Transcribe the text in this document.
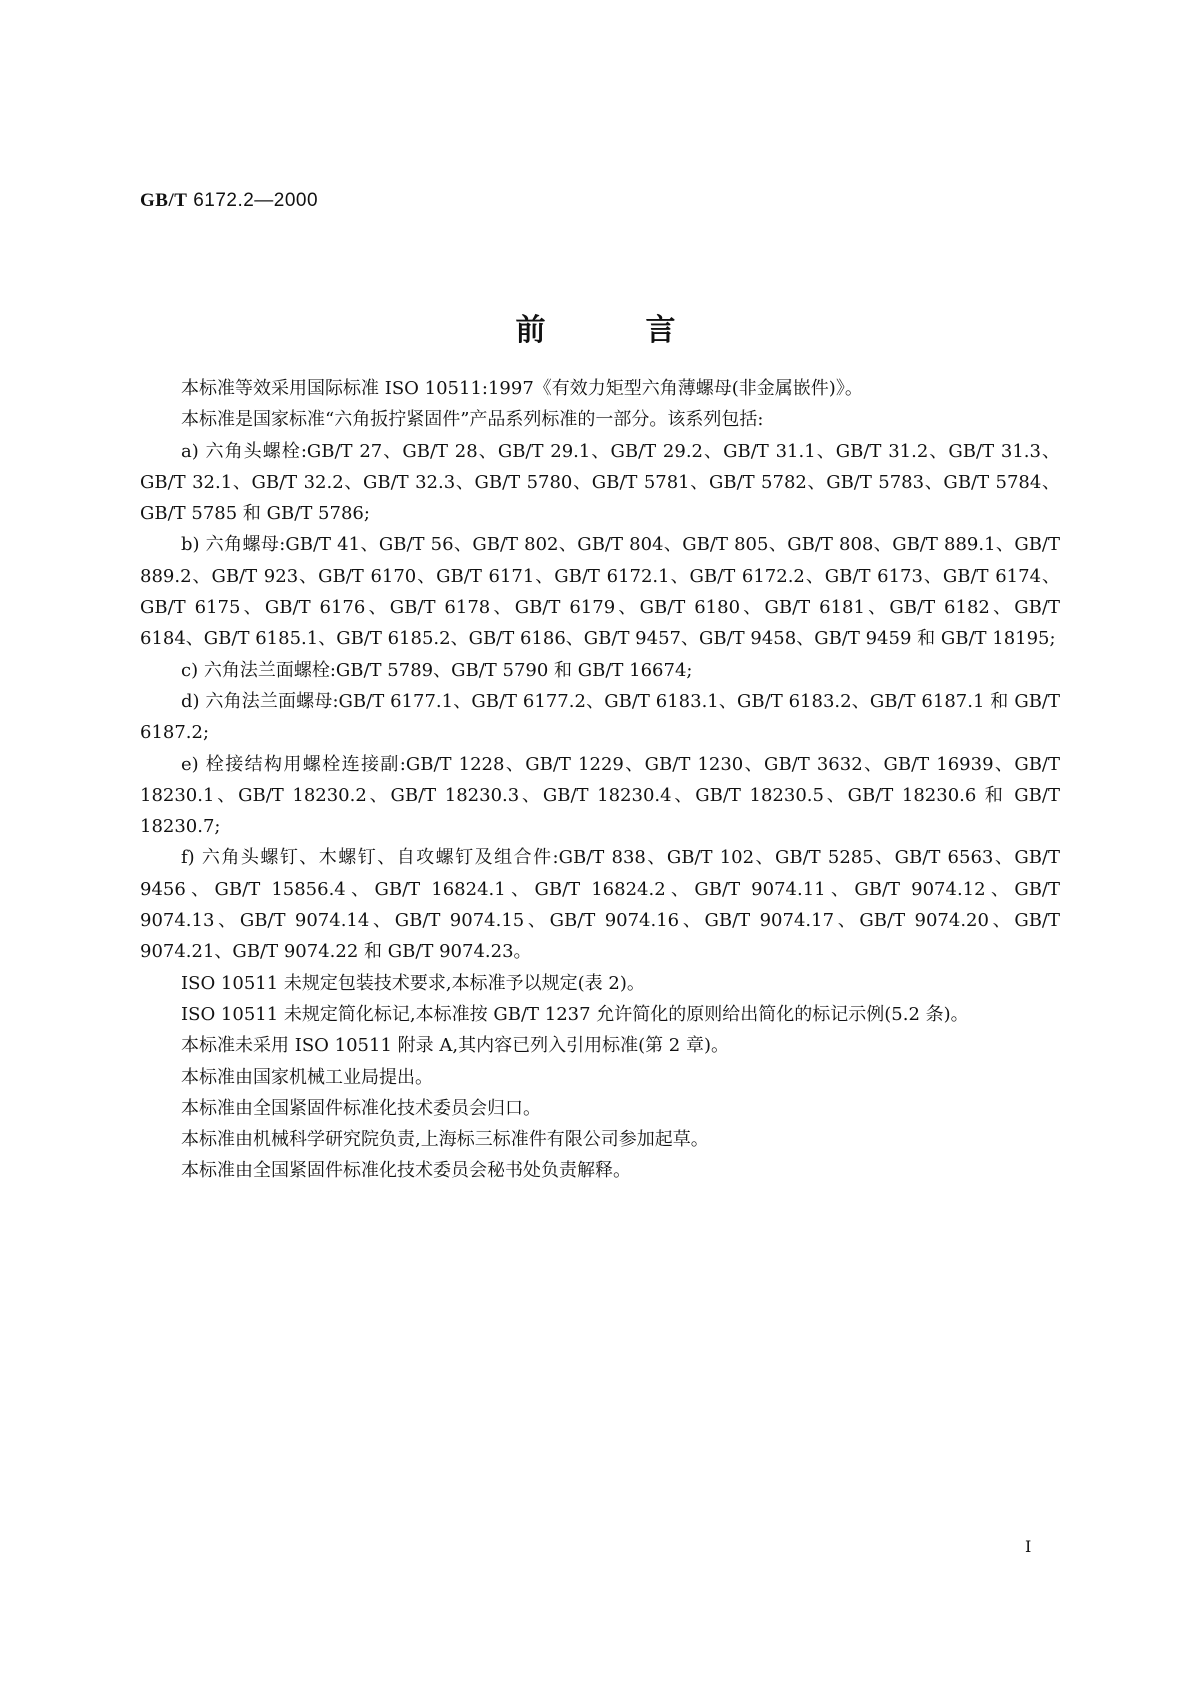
GB/T 6172.2—2000
前言

本标准等效采用国际标准 ISO 10511:1997《有效力矩型六角薄螺母(非金属嵌件)》。

本标准是国家标准“六角扳拧紧固件”产品系列标准的一部分。该系列包括:

a) 六角头螺栓:GB/T 27、GB/T 28、GB/T 29.1、GB/T 29.2、GB/T 31.1、GB/T 31.2、GB/T 31.3、GB/T 32.1、GB/T 32.2、GB/T 32.3、GB/T 5780、GB/T 5781、GB/T 5782、GB/T 5783、GB/T 5784、GB/T 5785 和 GB/T 5786;

b) 六角螺母:GB/T 41、GB/T 56、GB/T 802、GB/T 804、GB/T 805、GB/T 808、GB/T 889.1、GB/T 889.2、GB/T 923、GB/T 6170、GB/T 6171、GB/T 6172.1、GB/T 6172.2、GB/T 6173、GB/T 6174、GB/T 6175、GB/T 6176、GB/T 6178、GB/T 6179、GB/T 6180、GB/T 6181、GB/T 6182、GB/T 6184、GB/T 6185.1、GB/T 6185.2、GB/T 6186、GB/T 9457、GB/T 9458、GB/T 9459 和 GB/T 18195;

c) 六角法兰面螺栓:GB/T 5789、GB/T 5790 和 GB/T 16674;

d) 六角法兰面螺母:GB/T 6177.1、GB/T 6177.2、GB/T 6183.1、GB/T 6183.2、GB/T 6187.1 和 GB/T 6187.2;

e) 栓接结构用螺栓连接副:GB/T 1228、GB/T 1229、GB/T 1230、GB/T 3632、GB/T 16939、GB/T 18230.1、GB/T 18230.2、GB/T 18230.3、GB/T 18230.4、GB/T 18230.5、GB/T 18230.6 和 GB/T 18230.7;

f) 六角头螺钉、木螺钉、自攻螺钉及组合件:GB/T 838、GB/T 102、GB/T 5285、GB/T 6563、GB/T 9456、GB/T 15856.4、GB/T 16824.1、GB/T 16824.2、GB/T 9074.11、GB/T 9074.12、GB/T 9074.13、GB/T 9074.14、GB/T 9074.15、GB/T 9074.16、GB/T 9074.17、GB/T 9074.20、GB/T 9074.21、GB/T 9074.22 和 GB/T 9074.23。

ISO 10511 未规定包装技术要求,本标准予以规定(表 2)。

ISO 10511 未规定简化标记,本标准按 GB/T 1237 允许简化的原则给出简化的标记示例(5.2 条)。

本标准未采用 ISO 10511 附录 A,其内容已列入引用标准(第 2 章)。

本标准由国家机械工业局提出。

本标准由全国紧固件标准化技术委员会归口。

本标准由机械科学研究院负责,上海标三标准件有限公司参加起草。

本标准由全国紧固件标准化技术委员会秘书处负责解释。

I
